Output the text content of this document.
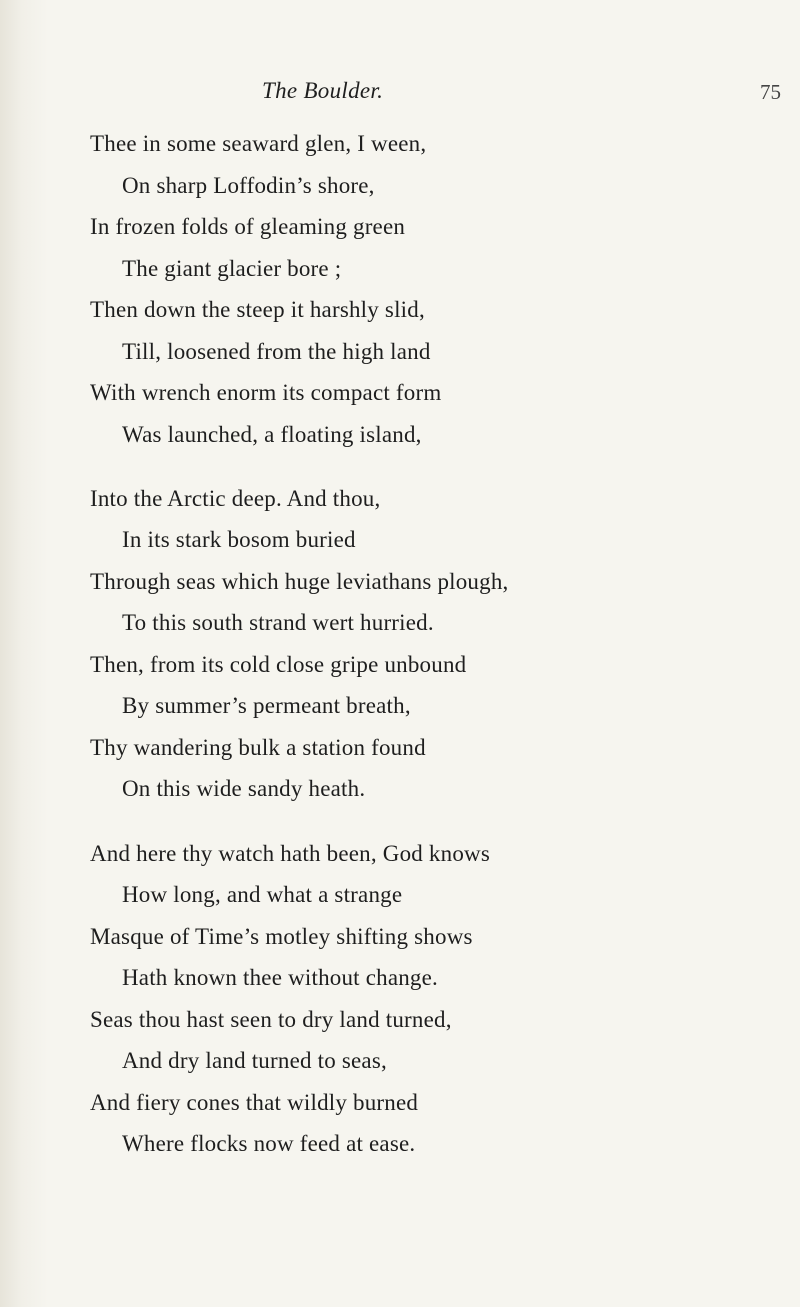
The Boulder.	75
Thee in some seaward glen, I ween,
On sharp Loffodin’s shore,
In frozen folds of gleaming green
The giant glacier bore ;
Then down the steep it harshly slid,
Till, loosened from the high land
With wrench enorm its compact form
Was launched, a floating island,
Into the Arctic deep. And thou,
In its stark bosom buried
Through seas which huge leviathans plough,
To this south strand wert hurried.
Then, from its cold close gripe unbound
By summer’s permeant breath,
Thy wandering bulk a station found
On this wide sandy heath.
And here thy watch hath been, God knows
How long, and what a strange
Masque of Time’s motley shifting shows
Hath known thee without change.
Seas thou hast seen to dry land turned,
And dry land turned to seas,
And fiery cones that wildly burned
Where flocks now feed at ease.
